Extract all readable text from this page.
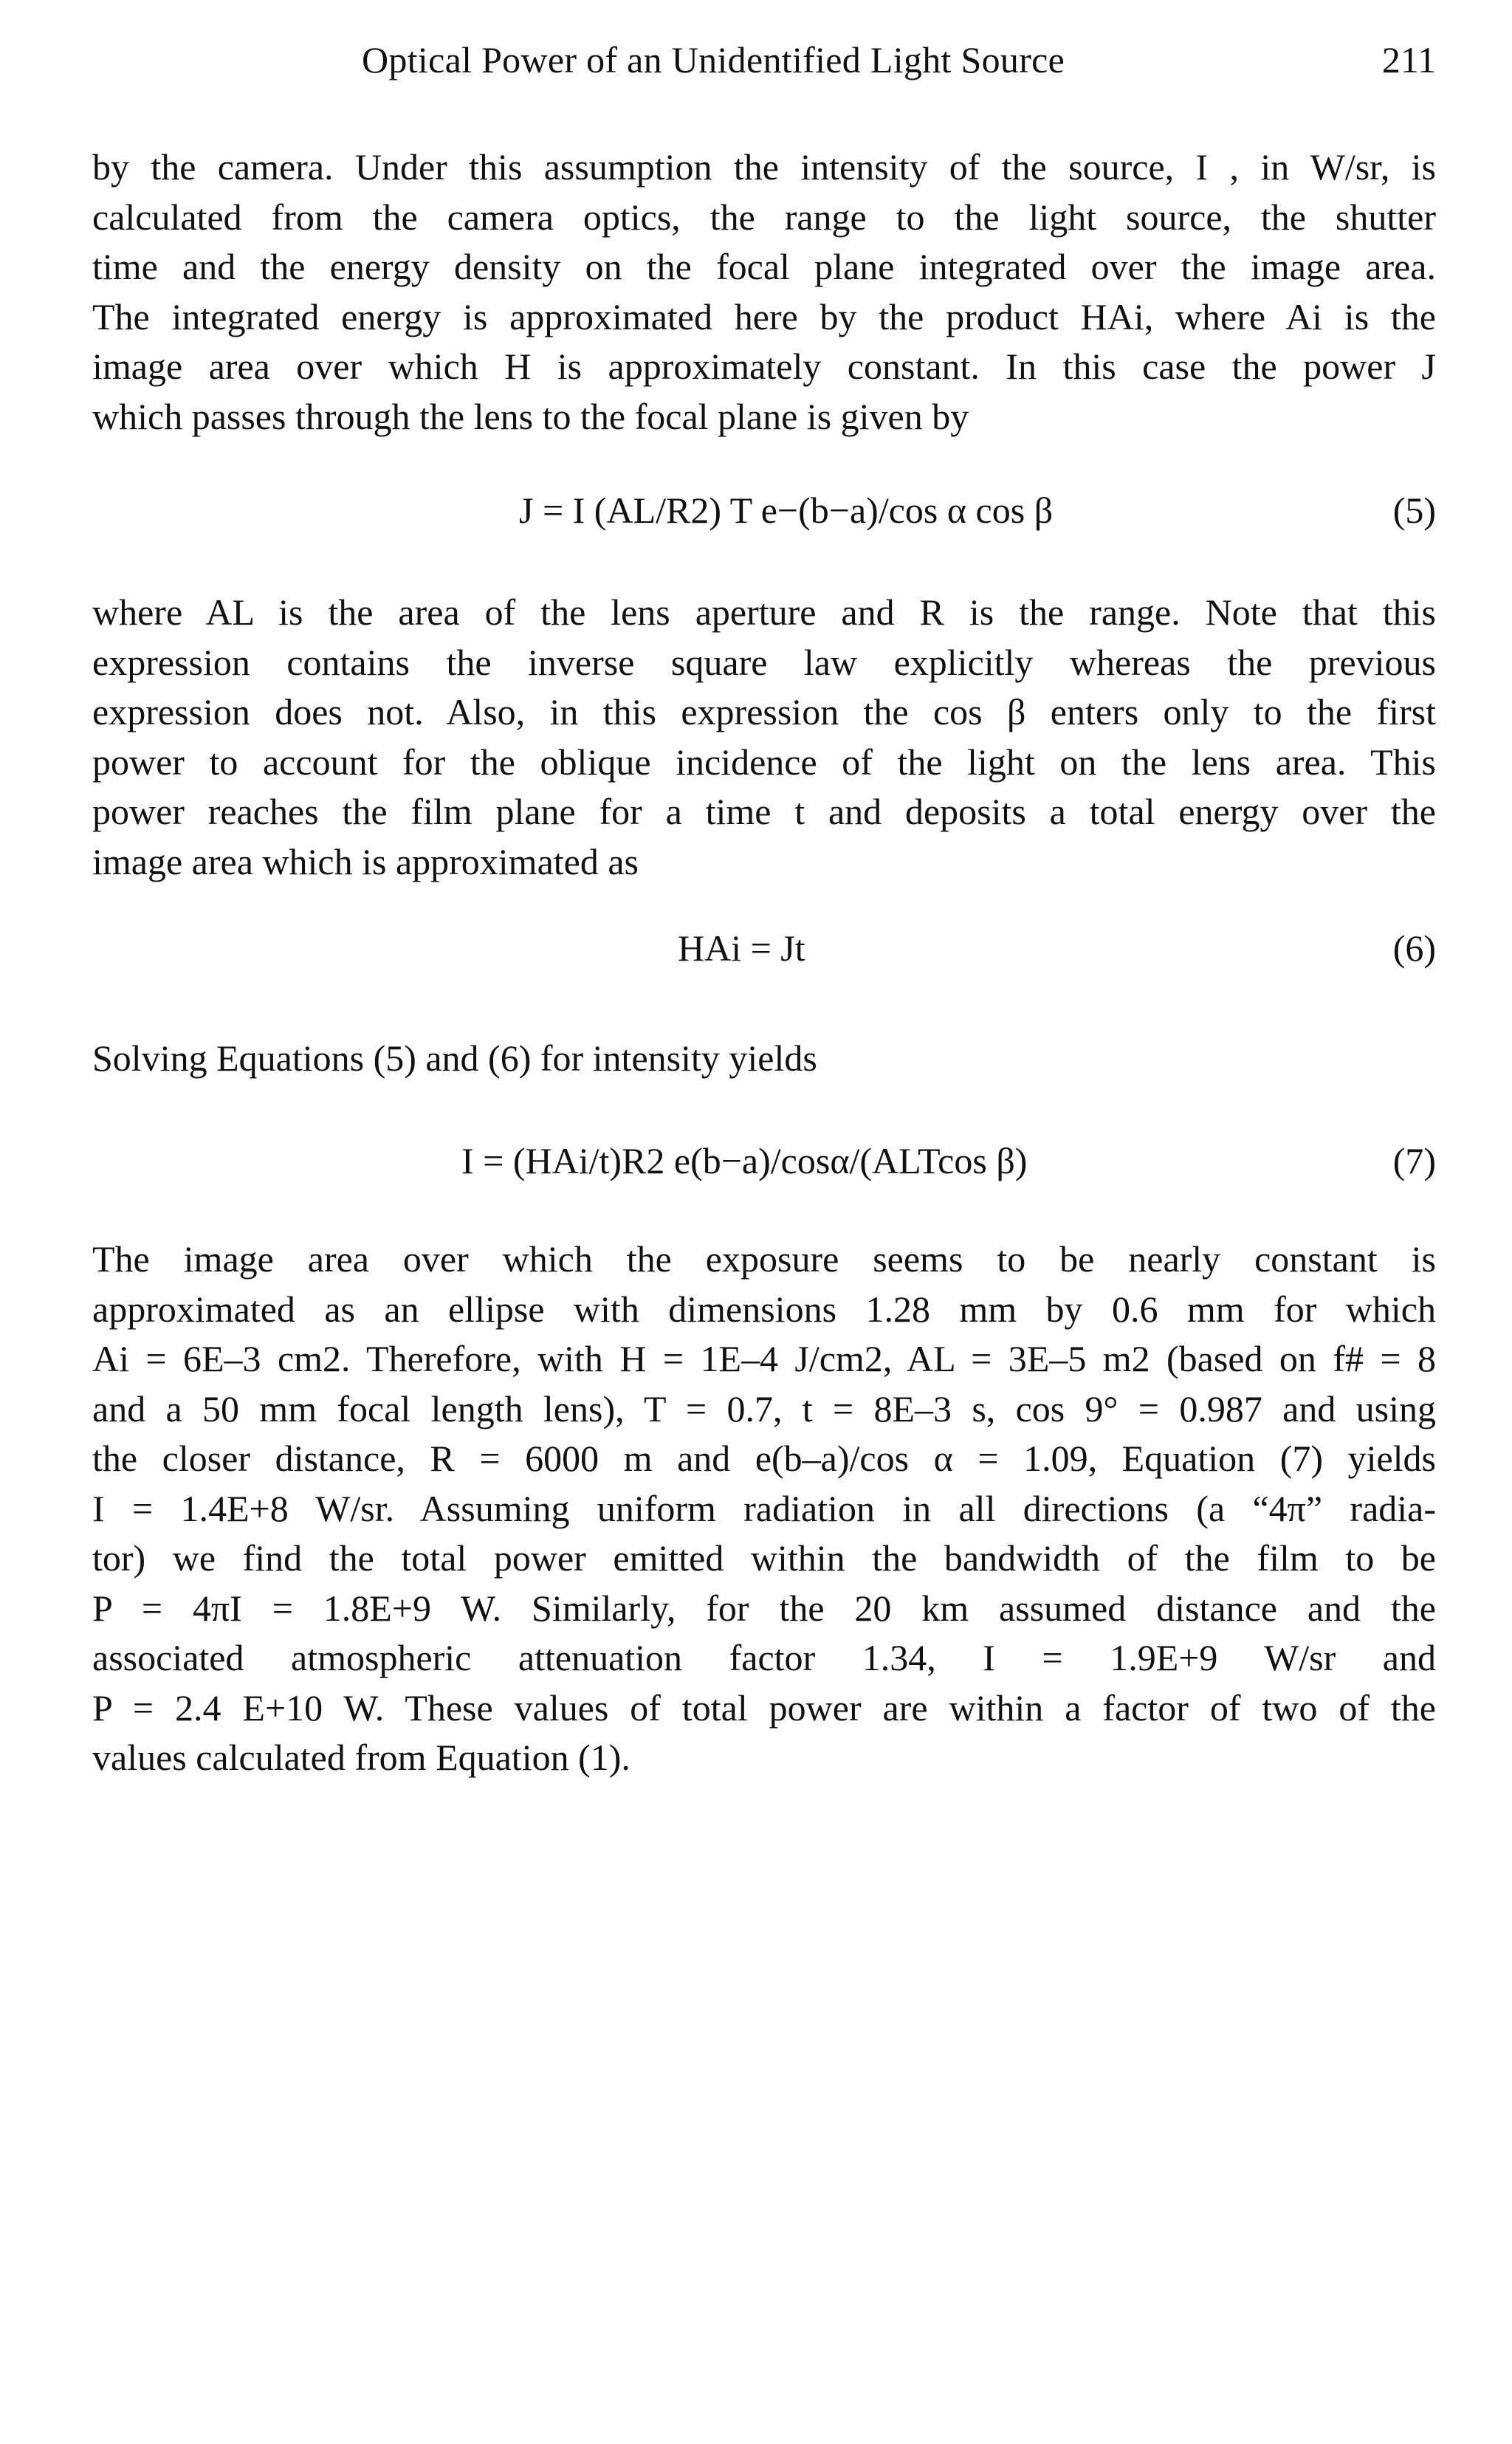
Optical Power of an Unidentified Light Source	211

by the camera. Under this assumption the intensity of the source, I , in W/sr, is
calculated from the camera optics, the range to the light source, the shutter
time and the energy density on the focal plane integrated over the image area.
The integrated energy is approximated here by the product HAi, where Ai is the
image area over which H is approximately constant. In this case the power J
which passes through the lens to the focal plane is given by

J = I (AL/R2) T e−(b−a)/cos α cos β	(5)

where AL is the area of the lens aperture and R is the range. Note that this
expression contains the inverse square law explicitly whereas the previous
expression does not. Also, in this expression the cos β enters only to the first
power to account for the oblique incidence of the light on the lens area. This
power reaches the film plane for a time t and deposits a total energy over the
image area which is approximated as

HAi = Jt	(6)

Solving Equations (5) and (6) for intensity yields

I = (HAi/t)R2 e(b−a)/cosα/(ALTcos β)	(7)

The image area over which the exposure seems to be nearly constant is
approximated as an ellipse with dimensions 1.28 mm by 0.6 mm for which
Ai = 6E–3 cm2. Therefore, with H = 1E–4 J/cm2, AL = 3E–5 m2 (based on f# = 8
and a 50 mm focal length lens), T = 0.7, t = 8E–3 s, cos 9° = 0.987 and using
the closer distance, R = 6000 m and e(b–a)/cos α = 1.09, Equation (7) yields
I = 1.4E+8 W/sr. Assuming uniform radiation in all directions (a “4π” radia-
tor) we find the total power emitted within the bandwidth of the film to be
P = 4πI = 1.8E+9 W. Similarly, for the 20 km assumed distance and the
associated atmospheric attenuation factor 1.34, I = 1.9E+9 W/sr and
P = 2.4 E+10 W. These values of total power are within a factor of two of the
values calculated from Equation (1).
